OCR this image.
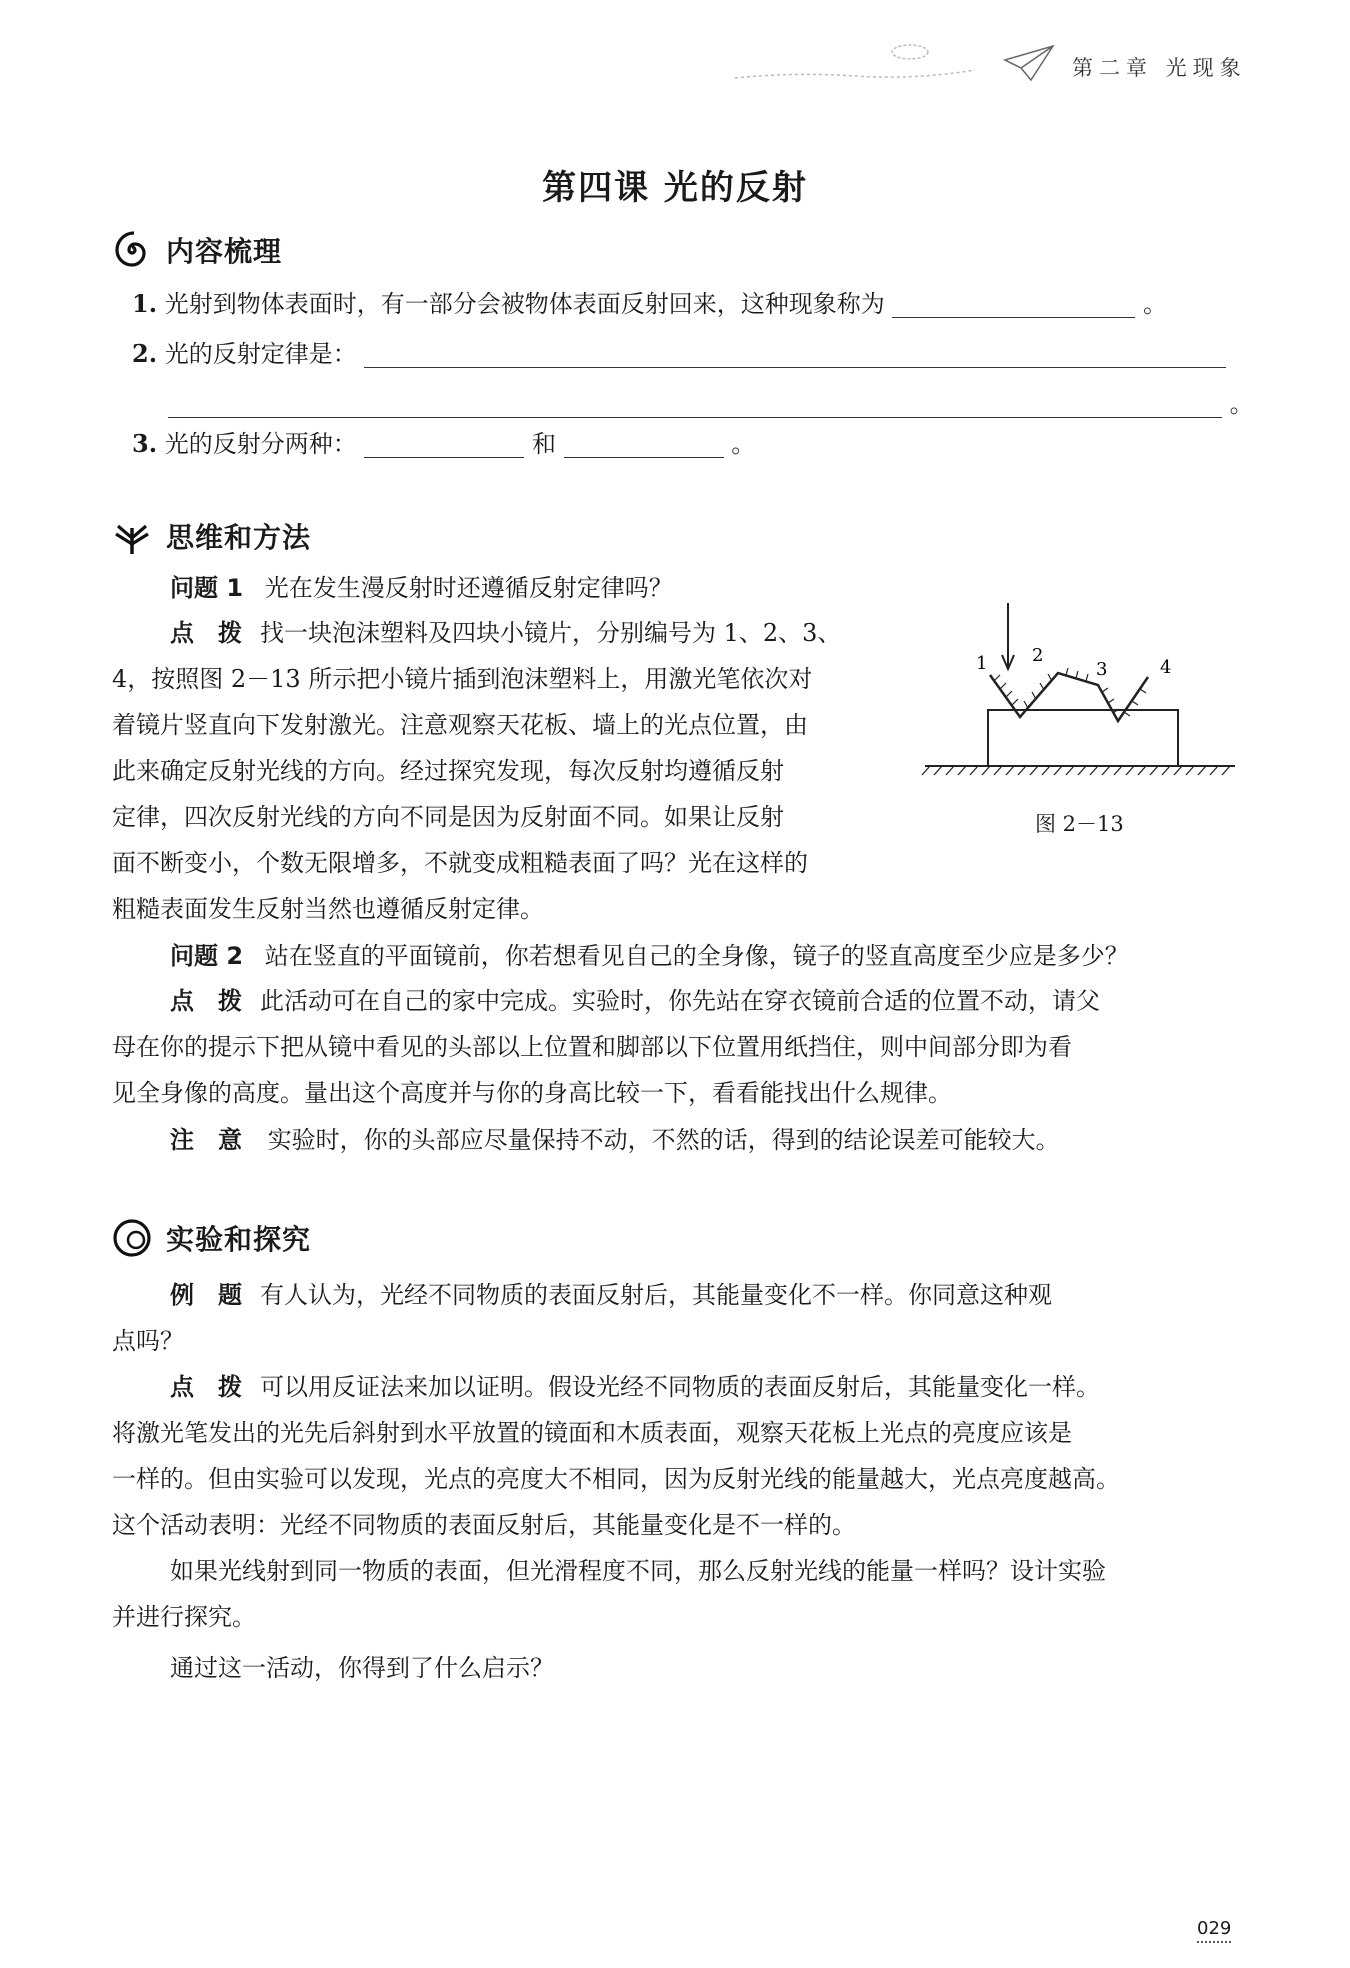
第二章 光现象
第四课 光的反射
内容梳理
1. 光射到物体表面时，有一部分会被物体表面反射回来，这种现象称为	。
2. 光的反射定律是：
。
3. 光的反射分两种：	和	。
思维和方法
问题 1 光在发生漫反射时还遵循反射定律吗？
点　拨 找一块泡沫塑料及四块小镜片，分别编号为 1、2、3、
4，按照图 2－13 所示把小镜片插到泡沫塑料上，用激光笔依次对
着镜片竖直向下发射激光。注意观察天花板、墙上的光点位置，由
此来确定反射光线的方向。经过探究发现，每次反射均遵循反射
定律，四次反射光线的方向不同是因为反射面不同。如果让反射
面不断变小，个数无限增多，不就变成粗糙表面了吗？光在这样的
粗糙表面发生反射当然也遵循反射定律。
1 2
3	4
图 2－13
问题 2 站在竖直的平面镜前，你若想看见自己的全身像，镜子的竖直高度至少应是多少？
点　拨 此活动可在自己的家中完成。实验时，你先站在穿衣镜前合适的位置不动，请父
母在你的提示下把从镜中看见的头部以上位置和脚部以下位置用纸挡住，则中间部分即为看
见全身像的高度。量出这个高度并与你的身高比较一下，看看能找出什么规律。
注　意 实验时，你的头部应尽量保持不动，不然的话，得到的结论误差可能较大。
实验和探究
例　题 有人认为，光经不同物质的表面反射后，其能量变化不一样。你同意这种观
点吗？
点　拨 可以用反证法来加以证明。假设光经不同物质的表面反射后，其能量变化一样。
将激光笔发出的光先后斜射到水平放置的镜面和木质表面，观察天花板上光点的亮度应该是
一样的。但由实验可以发现，光点的亮度大不相同，因为反射光线的能量越大，光点亮度越高。
这个活动表明：光经不同物质的表面反射后，其能量变化是不一样的。
如果光线射到同一物质的表面，但光滑程度不同，那么反射光线的能量一样吗？设计实验
并进行探究。
通过这一活动，你得到了什么启示？
029
